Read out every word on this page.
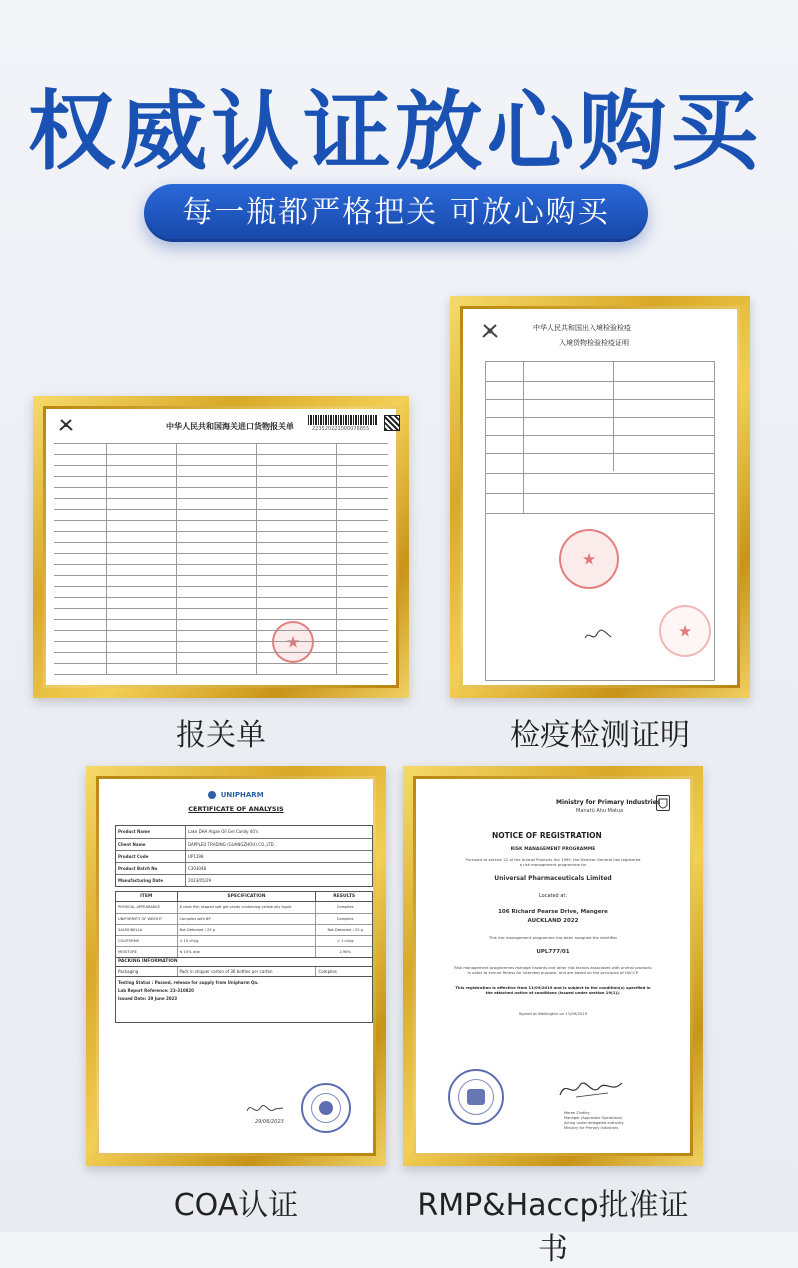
权威认证放心购买
每一瓶都严格把关 可放心购买
中华人民共和国海关进口货物报关单	223520221000078855
★
报关单
中华人民共和国出入境检验检疫
入境货物检验检疫证明
★
★
检疫检测证明
UNIPHARM
CERTIFICATE OF ANALYSIS
Product Name	Lake DHA Algae Oil Gel Candy 40's
Client Name	DAPPLED TRADING (GUANGZHOU) CO.,LTD
Product Code	UP1198
Product Batch No	C303048
Manufacturing Date	2023/05/29
ITEM	SPECIFICATION	RESULTS
PHYSICAL APPEARANCE	A clear fish shaped soft gel candy containing yellow oily liquid	Complies
UNIFORMITY OF WEIGHT	Complies with BP	Complies
SALMONELLA	Not Detected / 25 g	Not Detected / 25 g
COLIFORMS	< 10 cfu/g	< 1 cfu/g
MOISTURE	≤ 10% w/w	2.98%
PACKING INFORMATION
Packaging	Pack in shipper carton of 36 bottles per carton	Complies
Testing Status : Passed, release for supply from Unipharm Qa.
Lab Report Reference: 23-310820
Issued Date: 29 June 2023
29/06/2023
COA认证
Ministry for Primary Industries
Manatū Ahu Matua
NOTICE OF REGISTRATION
RISK MANAGEMENT PROGRAMME
Pursuant to section 22 of the Animal Products Act 1999, the Director-General has registered a risk management programme for
Universal Pharmaceuticals Limited
Located at:
106 Richard Pearse Drive, Mangere
AUCKLAND 2022
This risk management programme has been assigned the identifier
UPL777/01
Risk management programmes manage hazards and other risk factors associated with animal products in order to ensure fitness for intended purpose, and are based on the principles of HACCP.
This registration is effective from 11/09/2019 and is subject to the condition(s) specified in the attached notice of conditions (issued under section 19(1)).
Signed at Wellington on 11/09/2019
Meree Zindley
Manager (Approvals Operations)
Acting under delegated authority
Ministry for Primary Industries
RMP&Haccp批准证书
